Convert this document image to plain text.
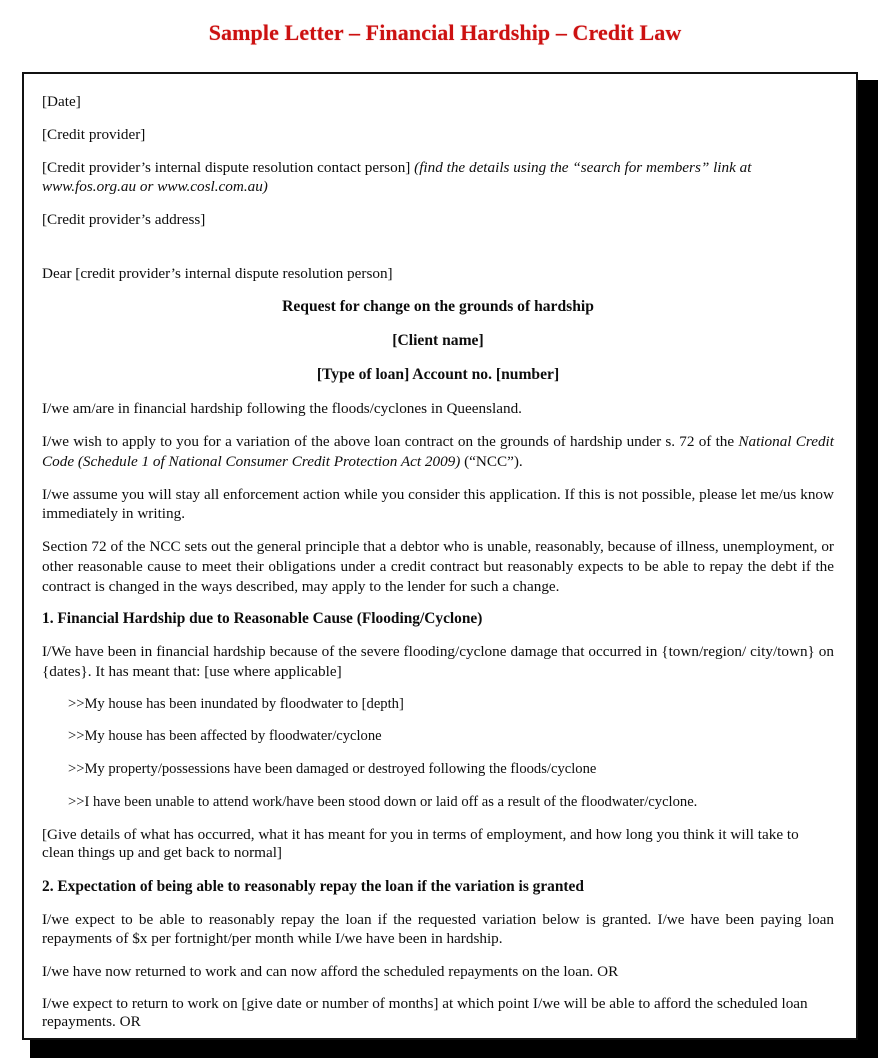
Sample Letter – Financial Hardship – Credit Law

[Date]

[Credit provider]

[Credit provider’s internal dispute resolution contact person] (find the details using the “search for members” link at www.fos.org.au or www.cosl.com.au)

[Credit provider’s address]

Dear [credit provider’s internal dispute resolution person]

Request for change on the grounds of hardship

[Client name]

[Type of loan] Account no. [number]

I/we am/are in financial hardship following the floods/cyclones in Queensland.

I/we wish to apply to you for a variation of the above loan contract on the grounds of hardship under s. 72 of the National Credit Code (Schedule 1 of National Consumer Credit Protection Act 2009) (“NCC”).

I/we assume you will stay all enforcement action while you consider this application. If this is not possible, please let me/us know immediately in writing.

Section 72 of the NCC sets out the general principle that a debtor who is unable, reasonably, because of illness, unemployment, or other reasonable cause to meet their obligations under a credit contract but reasonably expects to be able to repay the debt if the contract is changed in the ways described, may apply to the lender for such a change.

1. Financial Hardship due to Reasonable Cause (Flooding/Cyclone)

I/We have been in financial hardship because of the severe flooding/cyclone damage that occurred in {town/region/ city/town} on {dates}. It has meant that: [use where applicable]

>>My house has been inundated by floodwater to [depth]

>>My house has been affected by floodwater/cyclone

>>My property/possessions have been damaged or destroyed following the floods/cyclone

>>I have been unable to attend work/have been stood down or laid off as a result of the floodwater/cyclone.

[Give details of what has occurred, what it has meant for you in terms of employment, and how long you think it will take to clean things up and get back to normal]

2. Expectation of being able to reasonably repay the loan if the variation is granted

I/we expect to be able to reasonably repay the loan if the requested variation below is granted. I/we have been paying loan repayments of $x per fortnight/per month while I/we have been in hardship.

I/we have now returned to work and can now afford the scheduled repayments on the loan. OR

I/we expect to return to work on [give date or number of months] at which point I/we will be able to afford the scheduled loan repayments. OR
